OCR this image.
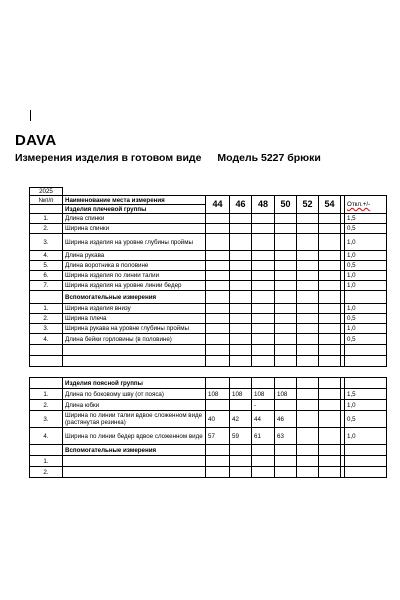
DAVA
Измерения изделия в готовом виде Модель 5227 брюки
2025									
№п/п	Наименование места измерения	44	46	48	50	52	54		Откл.+/-
	Изделия плечевой группы								
1.	Длина спинки								1,5
2.	Ширина спинки								0,5
3.	Ширина изделия на уровне глубины проймы								1,0
4.	Длина рукава								1,0
5.	Длина воротника в половине								0,5
6.	Ширина изделия по линии талии								1,0
7.	Ширина изделия на уровне линии бедер								1,0
	Вспомогательные измерения								
1.	Ширина изделия внизу								1,0
2.	Ширина плеча								0,5
3.	Ширина рукава на уровне глубины проймы								1,0
4.	Длина бейки горловины (в половине)								0,5

	Изделия поясной группы								
1.	Длина по боковому шву (от пояса)	108	108	108	108				1,5
2.	Длина юбки			-					1,0
3.	Ширина по линии талии вдвое сложенном виде (растянутая резинка)	40	42	44	46				0,5
4.	Ширина по линии бедер вдвое сложенном виде	57	59	61	63				1,0
	Вспомогательные измерения								
1.									
2.									
